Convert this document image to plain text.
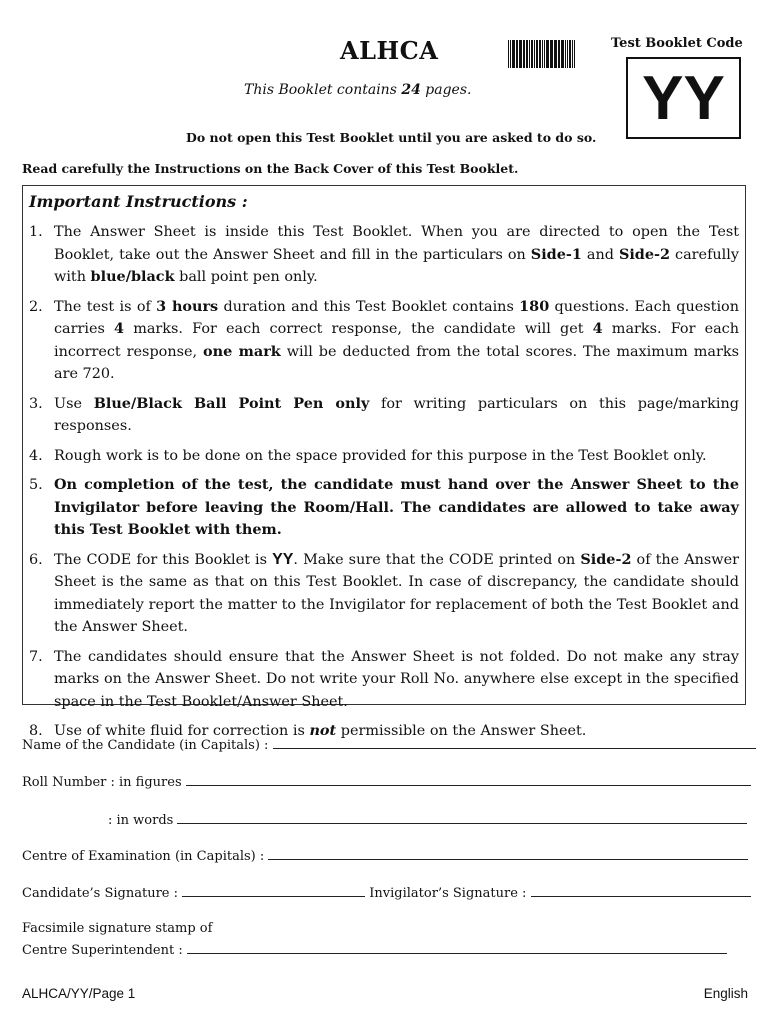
ALHCA	Test Booklet Code
YY
This Booklet contains 24 pages.
Do not open this Test Booklet until you are asked to do so.
Read carefully the Instructions on the Back Cover of this Test Booklet.
Important Instructions :
1. The Answer Sheet is inside this Test Booklet. When you are directed to open the Test Booklet, take out the Answer Sheet and fill in the particulars on Side-1 and Side-2 carefully with blue/black ball point pen only.
2. The test is of 3 hours duration and this Test Booklet contains 180 questions. Each question carries 4 marks. For each correct response, the candidate will get 4 marks. For each incorrect response, one mark will be deducted from the total scores. The maximum marks are 720.
3. Use Blue/Black Ball Point Pen only for writing particulars on this page/marking responses.
4. Rough work is to be done on the space provided for this purpose in the Test Booklet only.
5. On completion of the test, the candidate must hand over the Answer Sheet to the Invigilator before leaving the Room/Hall. The candidates are allowed to take away this Test Booklet with them.
6. The CODE for this Booklet is YY. Make sure that the CODE printed on Side-2 of the Answer Sheet is the same as that on this Test Booklet. In case of discrepancy, the candidate should immediately report the matter to the Invigilator for replacement of both the Test Booklet and the Answer Sheet.
7. The candidates should ensure that the Answer Sheet is not folded. Do not make any stray marks on the Answer Sheet. Do not write your Roll No. anywhere else except in the specified space in the Test Booklet/Answer Sheet.
8. Use of white fluid for correction is not permissible on the Answer Sheet.
Name of the Candidate (in Capitals) :
Roll Number : in figures
: in words
Centre of Examination (in Capitals) :
Candidate’s Signature :	Invigilator’s Signature :
Facsimile signature stamp of
Centre Superintendent :
ALHCA/YY/Page 1	English
